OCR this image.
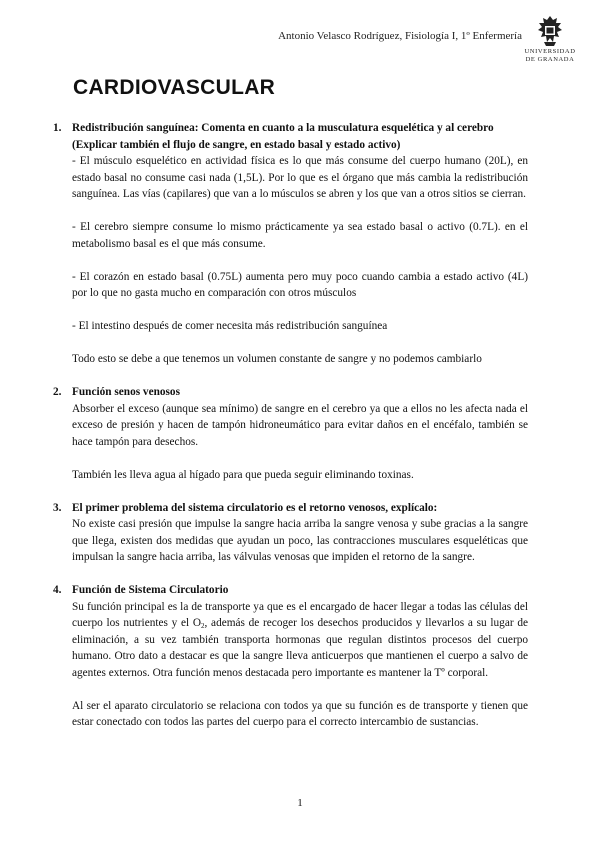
Antonio Velasco Rodríguez, Fisiología I, 1º Enfermería
UNIVERSIDAD
DE GRANADA
CARDIOVASCULAR
1. Redistribución sanguínea: Comenta en cuanto a la musculatura esquelética y al cerebro (Explicar también el flujo de sangre, en estado basal y estado activo)
- El músculo esquelético en actividad física es lo que más consume del cuerpo humano (20L), en estado basal no consume casi nada (1,5L). Por lo que es el órgano que más cambia la redistribución sanguínea. Las vías (capilares) que van a lo músculos se abren y los que van a otros sitios se cierran.
- El cerebro siempre consume lo mismo prácticamente ya sea estado basal o activo (0.7L). en el metabolismo basal es el que más consume.
- El corazón en estado basal (0.75L) aumenta pero muy poco cuando cambia a estado activo (4L) por lo que no gasta mucho en comparación con otros músculos
- El intestino después de comer necesita más redistribución sanguínea
Todo esto se debe a que tenemos un volumen constante de sangre y no podemos cambiarlo
2. Función senos venosos
Absorber el exceso (aunque sea mínimo) de sangre en el cerebro ya que a ellos no les afecta nada el exceso de presión y hacen de tampón hidroneumático para evitar daños en el encéfalo, también se hace tampón para desechos.
También les lleva agua al hígado para que pueda seguir eliminando toxinas.
3. El primer problema del sistema circulatorio es el retorno venosos, explícalo:
No existe casi presión que impulse la sangre hacia arriba la sangre venosa y sube gracias a la sangre que llega, existen dos medidas que ayudan un poco, las contracciones musculares esqueléticas que impulsan la sangre hacia arriba, las válvulas venosas que impiden el retorno de la sangre.
4. Función de Sistema Circulatorio
Su función principal es la de transporte ya que es el encargado de hacer llegar a todas las células del cuerpo los nutrientes y el $O_2$, además de recoger los desechos producidos y llevarlos a su lugar de eliminación, a su vez también transporta hormonas que regulan distintos procesos del cuerpo humano. Otro dato a destacar es que la sangre lleva anticuerpos que mantienen el cuerpo a salvo de agentes externos. Otra función menos destacada pero importante es mantener la Tº corporal.
Al ser el aparato circulatorio se relaciona con todos ya que su función es de transporte y tienen que estar conectado con todos las partes del cuerpo para el correcto intercambio de sustancias.
1
